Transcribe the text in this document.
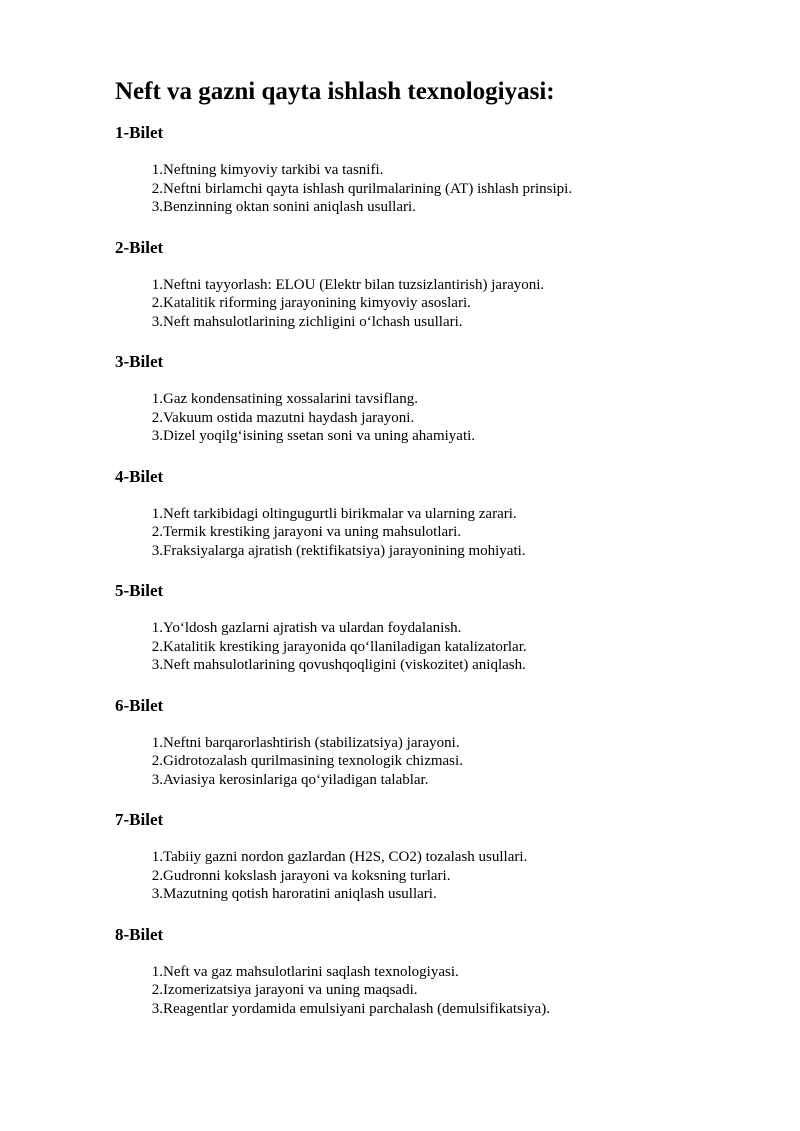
Neft va gazni qayta ishlash texnologiyasi:
1-Bilet
1. Neftning kimyoviy tarkibi va tasnifi.
2. Neftni birlamchi qayta ishlash qurilmalarining (AT) ishlash prinsipi.
3. Benzinning oktan sonini aniqlash usullari.
2-Bilet
1. Neftni tayyorlash: ELOU (Elektr bilan tuzsizlantirish) jarayoni.
2. Katalitik riforming jarayonining kimyoviy asoslari.
3. Neft mahsulotlarining zichligini oʻlchash usullari.
3-Bilet
1. Gaz kondensatining xossalarini tavsiflang.
2. Vakuum ostida mazutni haydash jarayoni.
3. Dizel yoqilgʻisining ssetan soni va uning ahamiyati.
4-Bilet
1. Neft tarkibidagi oltingugurtli birikmalar va ularning zarari.
2. Termik krestiking jarayoni va uning mahsulotlari.
3. Fraksiyalarga ajratish (rektifikatsiya) jarayonining mohiyati.
5-Bilet
1. Yoʻldosh gazlarni ajratish va ulardan foydalanish.
2. Katalitik krestiking jarayonida qoʻllaniladigan katalizatorlar.
3. Neft mahsulotlarining qovushqoqligini (viskozitet) aniqlash.
6-Bilet
1. Neftni barqarorlashtirish (stabilizatsiya) jarayoni.
2. Gidrotozalash qurilmasining texnologik chizmasi.
3. Aviasiya kerosinlariga qoʻyiladigan talablar.
7-Bilet
1. Tabiiy gazni nordon gazlardan (H2S, CO2) tozalash usullari.
2. Gudronni kokslash jarayoni va koksning turlari.
3. Mazutning qotish haroratini aniqlash usullari.
8-Bilet
1. Neft va gaz mahsulotlarini saqlash texnologiyasi.
2. Izomerizatsiya jarayoni va uning maqsadi.
3. Reagentlar yordamida emulsiyani parchalash (demulsifikatsiya).
